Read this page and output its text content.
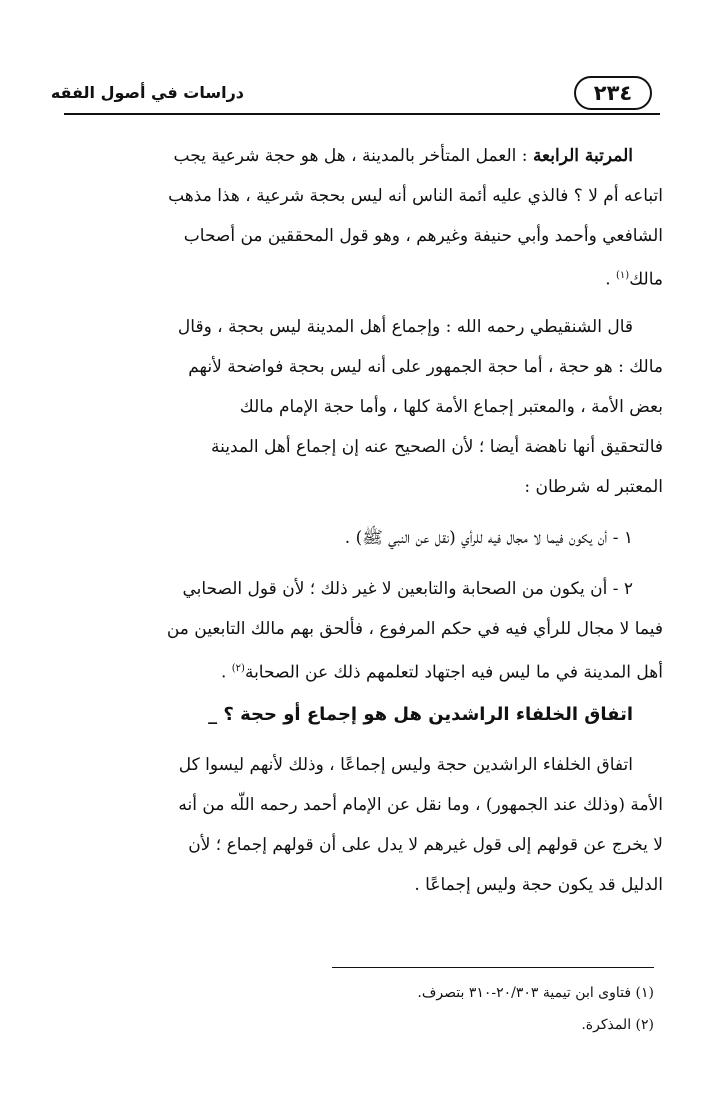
٢٣٤
دراسات في أصول الفقه
المرتبة الرابعة : العمل المتأخر بالمدينة ، هل هو حجة شرعية يجب
اتباعه أم لا ؟ فالذي عليه أئمة الناس أنه ليس بحجة شرعية ، هذا مذهب
الشافعي وأحمد وأبي حنيفة وغيرهم ، وهو قول المحققين من أصحاب
مالك$^{(١)}$ .
قال الشنقيطي رحمه الله : وإجماع أهل المدينة ليس بحجة ، وقال
مالك : هو حجة ، أما حجة الجمهور على أنه ليس بحجة فواضحة لأنهم
بعض الأمة ، والمعتبر إجماع الأمة كلها ، وأما حجة الإمام مالك
فالتحقيق أنها ناهضة أيضا ؛ لأن الصحيح عنه إن إجماع أهل المدينة
المعتبر له شرطان :
١ - أن يكون فيما لا مجال فيه للرأي (نقل عن النبي ﷺ) .
٢ - أن يكون من الصحابة والتابعين لا غير ذلك ؛ لأن قول الصحابي
فيما لا مجال للرأي فيه في حكم المرفوع ، فألحق بهم مالك التابعين من
أهل المدينة في ما ليس فيه اجتهاد لتعلمهم ذلك عن الصحابة$^{(٢)}$ .
اتفاق الخلفاء الراشدين هل هو إجماع أو حجة ؟ _
اتفاق الخلفاء الراشدين حجة وليس إجماعًا ، وذلك لأنهم ليسوا كل
الأمة (وذلك عند الجمهور) ، وما نقل عن الإمام أحمد رحمه اللّه من أنه
لا يخرج عن قولهم إلى قول غيرهم لا يدل على أن قولهم إجماع ؛ لأن
الدليل قد يكون حجة وليس إجماعًا .
(١) فتاوى ابن تيمية ٢٠/٣٠٣-٣١٠ بتصرف.
(٢) المذكرة.
